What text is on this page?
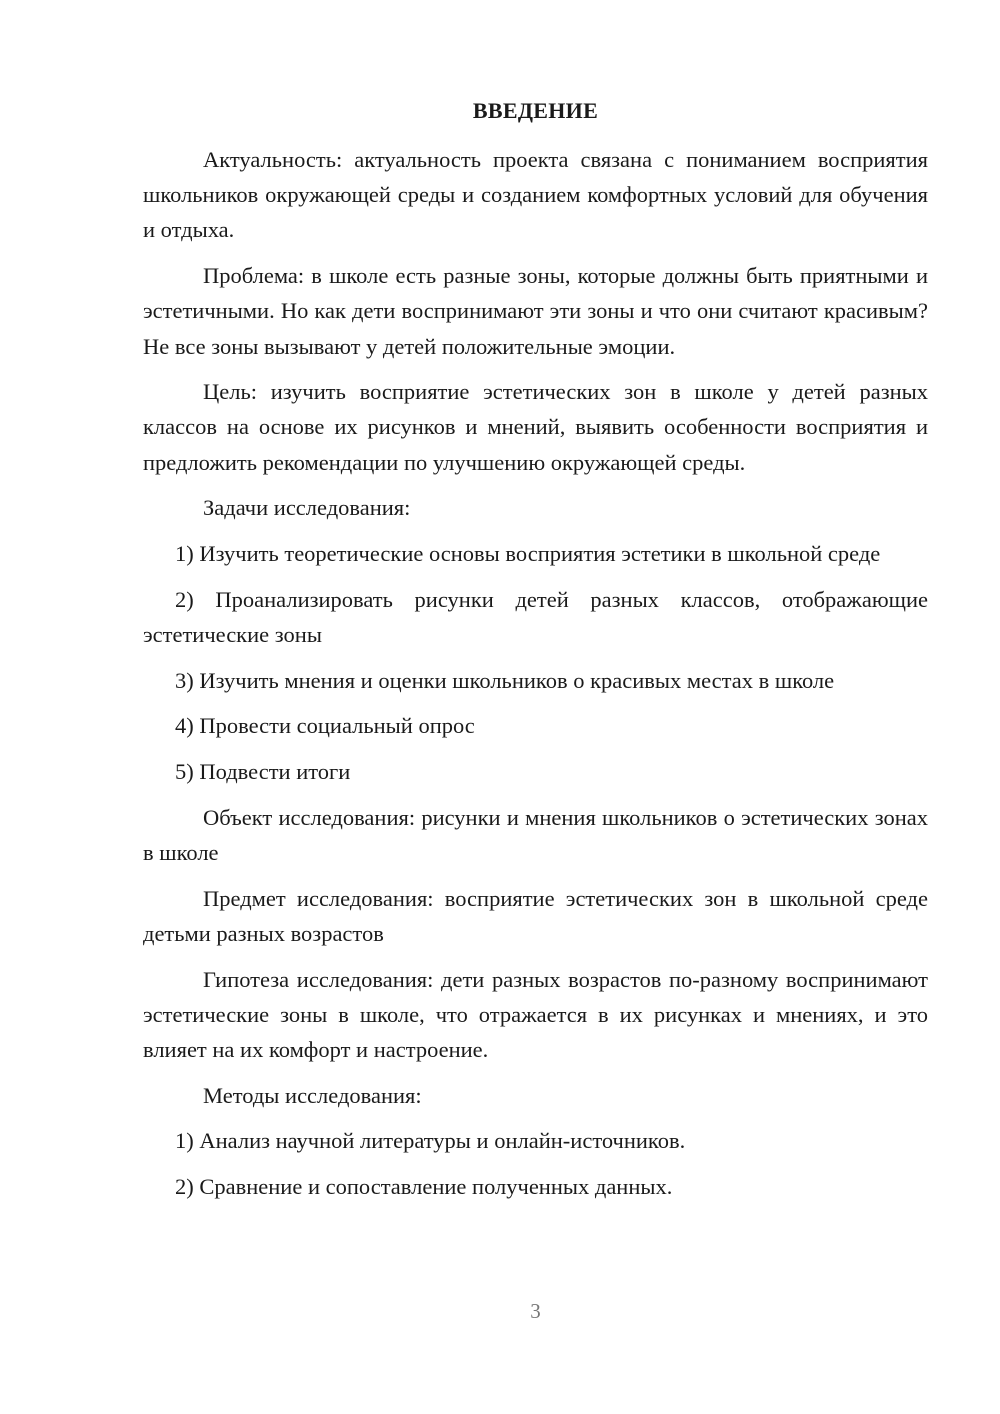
ВВЕДЕНИЕ

Актуальность: актуальность проекта связана с пониманием восприятия школьников окружающей среды и созданием комфортных условий для обучения и отдыха.

Проблема: в школе есть разные зоны, которые должны быть приятными и эстетичными. Но как дети воспринимают эти зоны и что они считают красивым? Не все зоны вызывают у детей положительные эмоции.

Цель: изучить восприятие эстетических зон в школе у детей разных классов на основе их рисунков и мнений, выявить особенности восприятия и предложить рекомендации по улучшению окружающей среды.

Задачи исследования:

1) Изучить теоретические основы восприятия эстетики в школьной среде

2) Проанализировать рисунки детей разных классов, отображающие эстетические зоны

3) Изучить мнения и оценки школьников о красивых местах в школе

4) Провести социальный опрос

5) Подвести итоги

Объект исследования: рисунки и мнения школьников о эстетических зонах в школе

Предмет исследования: восприятие эстетических зон в школьной среде детьми разных возрастов

Гипотеза исследования: дети разных возрастов по-разному воспринимают эстетические зоны в школе, что отражается в их рисунках и мнениях, и это влияет на их комфорт и настроение.

Методы исследования:

1) Анализ научной литературы и онлайн-источников.

2) Сравнение и сопоставление полученных данных.

3
